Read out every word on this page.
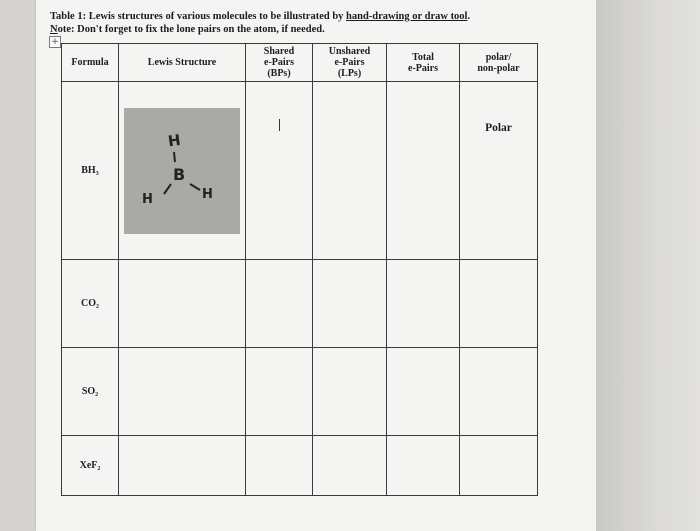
Table 1: Lewis structures of various molecules to be illustrated by hand-drawing or draw tool.
Note: Don't forget to fix the lone pairs on the atom, if needed.
+
Formula	Lewis Structure	Shared
e-Pairs
(BPs)	Unshared
e-Pairs
(LPs)	Total
e-Pairs	polar/
non-polar
BH₃	H
B
H H				Polar

CO₂					
SO₂					
XeF₂					
